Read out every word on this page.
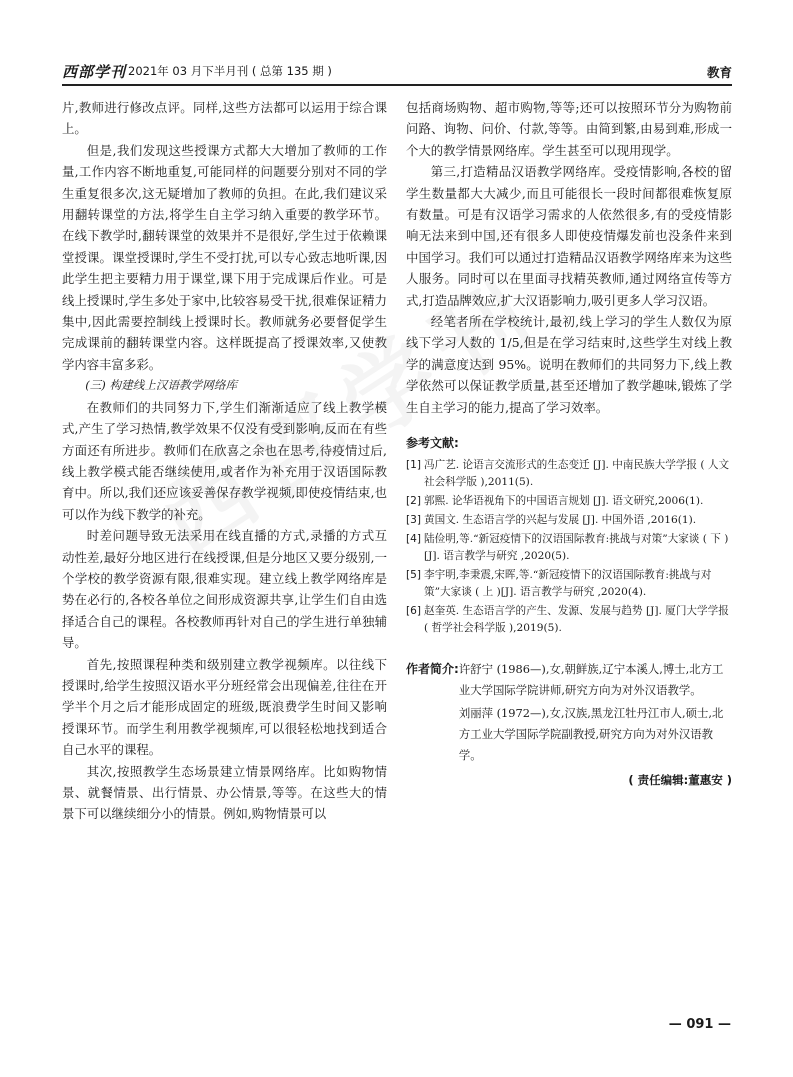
西部学刊 2021年 03 月下半月刊 ( 总第 135 期 )	教育

片,教师进行修改点评。同样,这些方法都可以运用于综合课上。

但是,我们发现这些授课方式都大大增加了教师的工作量,工作内容不断地重复,可能同样的问题要分别对不同的学生重复很多次,这无疑增加了教师的负担。在此,我们建议采用翻转课堂的方法,将学生自主学习纳入重要的教学环节。在线下教学时,翻转课堂的效果并不是很好,学生过于依赖课堂授课。课堂授课时,学生不受打扰,可以专心致志地听课,因此学生把主要精力用于课堂,课下用于完成课后作业。可是线上授课时,学生多处于家中,比较容易受干扰,很难保证精力集中,因此需要控制线上授课时长。教师就务必要督促学生完成课前的翻转课堂内容。这样既提高了授课效率,又使教学内容丰富多彩。

(三) 构建线上汉语教学网络库

在教师们的共同努力下,学生们渐渐适应了线上教学模式,产生了学习热情,教学效果不仅没有受到影响,反而在有些方面还有所进步。教师们在欣喜之余也在思考,待疫情过后,线上教学模式能否继续使用,或者作为补充用于汉语国际教育中。所以,我们还应该妥善保存教学视频,即使疫情结束,也可以作为线下教学的补充。

时差问题导致无法采用在线直播的方式,录播的方式互动性差,最好分地区进行在线授课,但是分地区又要分级别,一个学校的教学资源有限,很难实现。建立线上教学网络库是势在必行的,各校各单位之间形成资源共享,让学生们自由选择适合自己的课程。各校教师再针对自己的学生进行单独辅导。

首先,按照课程种类和级别建立教学视频库。以往线下授课时,给学生按照汉语水平分班经常会出现偏差,往往在开学半个月之后才能形成固定的班级,既浪费学生时间又影响授课环节。而学生利用教学视频库,可以很轻松地找到适合自己水平的课程。

其次,按照教学生态场景建立情景网络库。比如购物情景、就餐情景、出行情景、办公情景,等等。在这些大的情景下可以继续细分小的情景。例如,购物情景可以

包括商场购物、超市购物,等等;还可以按照环节分为购物前问路、询物、问价、付款,等等。由简到繁,由易到难,形成一个大的教学情景网络库。学生甚至可以现用现学。

第三,打造精品汉语教学网络库。受疫情影响,各校的留学生数量都大大减少,而且可能很长一段时间都很难恢复原有数量。可是有汉语学习需求的人依然很多,有的受疫情影响无法来到中国,还有很多人即使疫情爆发前也没条件来到中国学习。我们可以通过打造精品汉语教学网络库来为这些人服务。同时可以在里面寻找精英教师,通过网络宣传等方式,打造品牌效应,扩大汉语影响力,吸引更多人学习汉语。

经笔者所在学校统计,最初,线上学习的学生人数仅为原线下学习人数的 1/5,但是在学习结束时,这些学生对线上教学的满意度达到 95%。说明在教师们的共同努力下,线上教学依然可以保证教学质量,甚至还增加了教学趣味,锻炼了学生自主学习的能力,提高了学习效率。

参考文献:
[1] 冯广艺. 论语言交流形式的生态变迁 [J]. 中南民族大学学报 ( 人文社会科学版 ),2011(5).
[2] 郭熙. 论华语视角下的中国语言规划 [J]. 语文研究,2006(1).
[3] 黄国文. 生态语言学的兴起与发展 [J]. 中国外语 ,2016(1).
[4] 陆俭明,等.“新冠疫情下的汉语国际教育:挑战与对策”大家谈 ( 下 )[J]. 语言教学与研究 ,2020(5).
[5] 李宇明,李秉震,宋晖,等.“新冠疫情下的汉语国际教育:挑战与对策”大家谈 ( 上 )[J]. 语言教学与研究 ,2020(4).
[6] 赵奎英. 生态语言学的产生、发源、发展与趋势 [J]. 厦门大学学报 ( 哲学社会科学版 ),2019(5).
作者简介: 许舒宁 (1986—),女,朝鲜族,辽宁本溪人,博士,北方工业大学国际学院讲师,研究方向为对外汉语教学。

刘丽萍 (1972—),女,汉族,黑龙江牡丹江市人,硕士,北方工业大学国际学院副教授,研究方向为对外汉语教学。

( 责任编辑:董惠安 )
— 091 —
